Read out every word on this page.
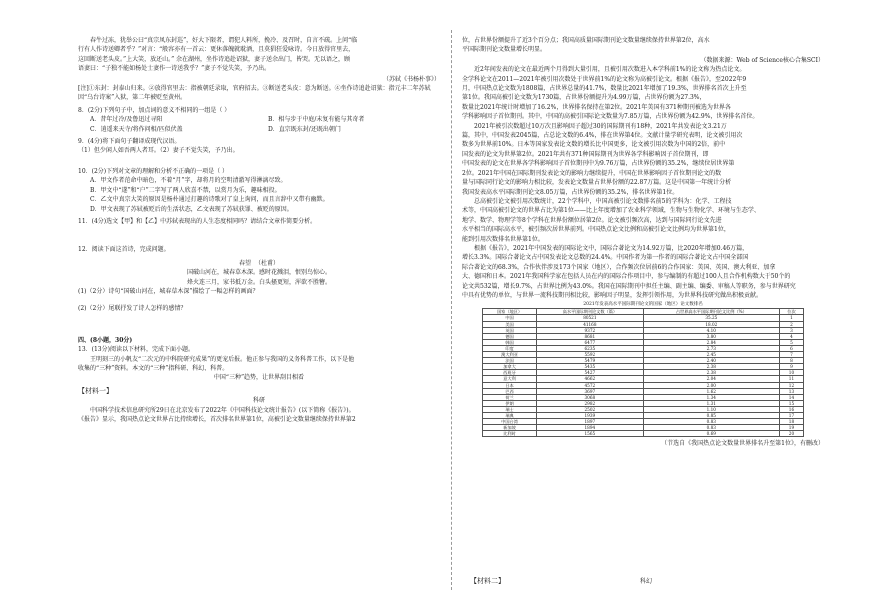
春牛过冻，犹举公曰“真宗凤东封巡”，好大下限者，谓犯人料所，挽冷、及召时，自言不疏。上问“临

行有人作诗送卿者乎？”对言：“般容亦有一首云：更休落魄就耽酒，且莫猖狂爱咏诗。今日放得官里去，

这回断送老头皮。”上大笑，放还山。” 余在湖州，坐作诗追赴诏狱，妻子送余出门，皆哭。无以语之，顾

语妻曰：“子独不能如杨处士妻作一诗送我乎？”妻子不觉失笑，予乃出。

（苏轼《书杨朴事》）

[注]①东封：封泰山归来。②放得官里去：指被朝廷录取，官府招去。③断送老头皮：意为断送。④坐作诗追赴诏狱：指元丰二年苏轼因“乌台诗案”入狱，第二年被贬至黄州。

8．(2分)下列句子中，加点词的意义不相同的一组是（ ）

A．昔年过冷/及鲁迅过寻阳	B．相与步于中庭/未复有能与其奇者
C．逍遥来天寺/将作问相/匹似伏盖	D．直宗既东封/还既出朝门

9．(4分)将下面句子翻译成现代汉语。

（1）但少闲人如吾两人者耳。（2）妻子不觉失笑，予乃出。

10．(2分)下列对文章的理解和分析不正确的一项是（ ）

A．甲文作者范命中暗色，不着“月”字，却将月的空明清澈写得淋漓尽致。

B．甲文中“遂”和“户”二字写了两人欣喜不禁，以赏月为乐，趣味相投。

C．乙文中真宗大笑的原因是杨朴通过打趣的诗歌对了皇上询问，而且言辞中又带有幽默。

D．甲文表现了苏轼被贬后的生活状态，乙文表现了苏轼获罪、被贬的原因。

11．(4分)选文【甲】和【乙】中苏轼表现出的人生态度相同吗？请结合文章作简要分析。

12．阅读下面这首诗，完成问题。

春望 （杜甫）

国破山河在，城春草木深。感时花溅泪，恨别鸟惊心。

烽火连三月，家书抵万金。白头搔更短，浑欲不胜簪。

(1)（2分）诗句“国破山河在，城春草木深”描绘了一幅怎样的画面？

(2)（2分）尾联抒发了诗人怎样的感情？

四、(8小题，30分)

13．(13分)阅读以下材料，完成下面小题。

王明刻三的小帆友“二次元的中科院研究成果”的更宠后报。他正参与我国的义务科普工作，以下是他

收集的“三种”资料。本文的“三种”指科研、科幻、科普。

中国“三种”趋势，让世界刮目相看

【材料一】

科研

中国科学技术信息研究所29日在北京发布了2022年《中国科技论文统计报告》(以下简称《报告》)。

《报告》显示，我国热点论文世界占比持续增长，首次排名世界第1位，高被引论文数量继续保持世界第2

位，占世界份额提升了近3个百分点；我国高质量国际期刊论文数量继续保持世界第2位，高水

平国际期刊论文数量增长明显。

（数据来源：Web of Science核心合集SCI）

近2年间发表的论文在最近两个月得到大量引用，且被引用次数进入本学科前1%的论文称为热点论文。

全学科论文在2011—2021年被引用次数处于世界前1%的论文称为高被引论文。根据《报告》，至2022年9

月，中国热点论文数为1808篇，占世界总量的41.7%，数量比2021年增加了19.3%，世界排名首次上升至

第1位。我国高被引论文数为1730篇，占世界份额提升为4.99万篇，占世界份额为27.3%，

数量比2021年统计时增加了16.2%，世界排名保持在第2位。2021年美国有371种期刊被选为世界各

学科影响因子首位期刊。其中，中国的高被引国际论文数量为7.85万篇，占世界份额为42.9%，世界排名首位。

2021年被引次数超过10万次且影响因子超过30的国际期刊有18种，2021年共发表论文3.21万

篇，其中，中国发表2045篇，占总论文数的6.4%，排在世界第4位。文献计量学研究表明，论文被引用次

数多为世界前10%。日本等国家发表论文数的增长比中国更多，论文被引用次数为中国的2倍，前中

国发表的论文为世界第2位。2021年共有371种国际期刊为世界各学科影响因子首位期刊，即

中国发表的论文在世界各学科影响因子首位期刊中为9.76万篇，占世界份额的35.2%，继续位居世界第

2位。2021年中国在国际期刊发表论文的影响力继续提升，中国在世界影响因子首位期刊论文的数

量与国际同行论文的影响力相比较，发表论文数量占世界份额的22.87万篇。这是中国第一年统计分析

我国发表高水平国际期刊论文8.05万篇，占世界份额的35.2%，排名世界第1位。

总高被引论文被引用次数统计，22个学科中，中国高被引论文数排名前5的学科为：化学、工程技

术等，中国高被引论文的世界占比为第1位——比上年度增加了农业科学领域，生物与生物化学、环境与生态学、

地学、数学、物理学等8个学科在世界份额位居第2位。论文被引频次高，达到与国际同行论文先进

水平相当的国际高水平，被引频次居世界前列。中国热点论文比例和高被引论文比例均为世界第1位，

能到引用次数排名世界第1位。

根据《报告》，2021年中国发表的国际论文中，国际合著论文为14.92万篇，比2020年增加0.46万篇，

增长3.3%。国际合著论文占中国发表论文总数的24.4%。中国作者为第一作者的国际合著论文占中国全部国

际合著论文的68.3%，合作伙伴涉及173个国家（地区），合作频次位居前6的合作国家：美国、英国、澳大利亚、加拿

大、德国和日本。2021年我国科学家在包括人员在内的国际合作项目中，参与编制的有超过100人且合作机构数大于50个的

论文共532篇，增长9.7%，占世界比例为43.0%。我国在国际期刊中担任主编、副主编、编委、审稿人等职务，参与世界研究

中具有优势的单位，与世界一流科技期刊相比较，影响因子明显，发挥引领作用，为世界科技研究做出积极贡献。

2021年发表高水平国际期刊论文的国家（地区）论文数排名

国家（地区）	高水平国际期刊论文数（篇）	占世界高水平国际期刊论文比例（%）	位次
中国	80521	35.25	1
美国	41168	18.02	2
英国	9372	4.10	3
德国	8681	3.80	4
韩国	6477	2.84	5
印度	6235	2.73	6
澳大利亚	5592	2.45	7
法国	5479	2.40	8
加拿大	5435	2.38	9
西班牙	5427	2.38	10
意大利	4662	2.04	11
日本	4572	2.00	12
巴西	3697	1.62	13
荷兰	3068	1.34	14
伊朗	2982	1.31	15
瑞士	2502	1.10	16
瑞典	1939	0.85	17
中国台湾	1897	0.83	18
新加坡	1894	0.83	19
比利时	1565	0.69	20

（节选自《我国热点论文数量世界排名升至第1位》，有删改）

【材料二】	科幻
